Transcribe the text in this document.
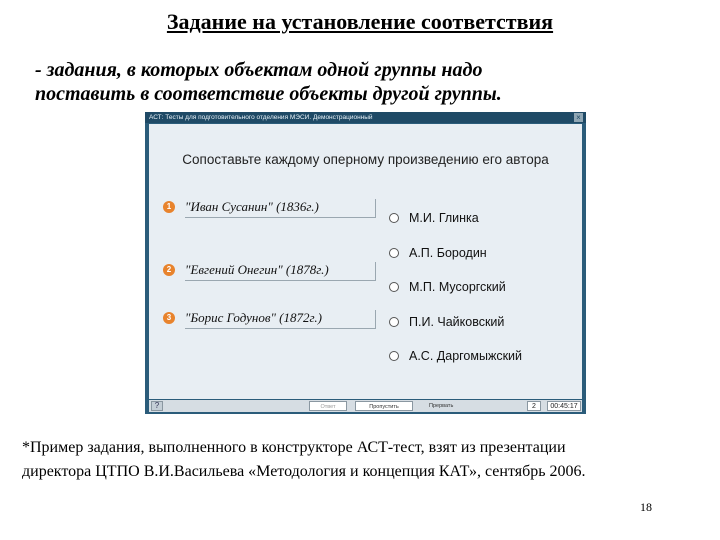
Задание на установление соответствия
- задания, в которых объектам одной группы надо
поставить в соответствие объекты другой группы.
АСТ: Тесты для подготовительного отделения МЭСИ. Демонстрационный	×
Сопоставьте каждому оперному произведению его автора
1 "Иван Сусанин" (1836г.)
2 "Евгений Онегин" (1878г.)
3 "Борис Годунов" (1872г.)
М.И. Глинка
А.П. Бородин
М.П. Мусоргский
П.И. Чайковский
А.С. Даргомыжский
?	Ответ	Пропустить	Прервать	2	00:45:17
*Пример задания, выполненного в конструкторе АСТ-тест, взят из презентации
директора ЦТПО В.И.Васильева «Методология и концепция КАТ», сентябрь 2006.
18
